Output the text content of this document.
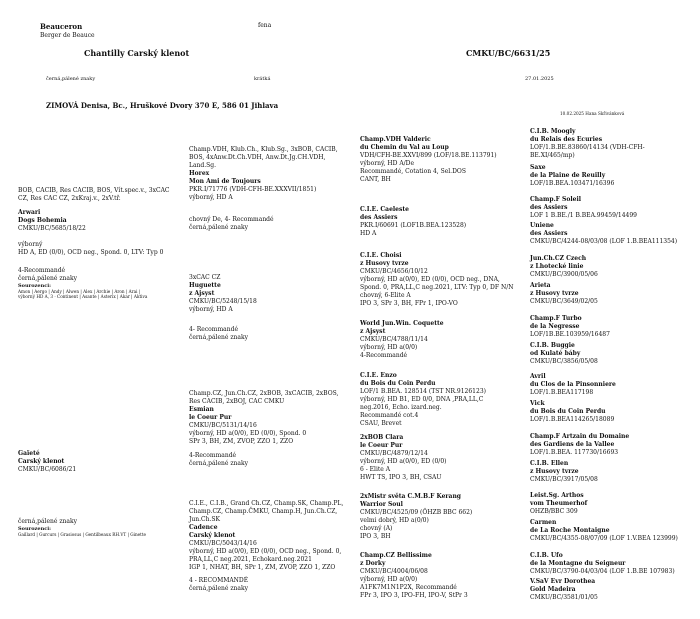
Beauceron
Berger de Beauce
fena
Chantilly Carský klenot	CMKU/BC/6631/25
černá,pálené znaky	krátká	27.01.2025
ZIMOVÁ Denisa, Bc., Hruškové Dvory 370 E, 586 01 Jihlava
10.02.2025 Hana Skřivánková
BOB, CACIB, Res CACIB, BOS, Vít.spec.v., 3xCAC CZ, Res CAC CZ, 2xKraj.v., 2xV.tř.
Arwari
Dogs Bohemia
CMKU/BC/5685/18/22
výborný
HD A, ED (0/0), OCD neg., Spond. 0, LTV: Typ 0
4-Recommandé
černá,pálené znaky
Sourozenci:
Amon | Aergo | Andy | Alwen | Alex | Archie | Aron | Arai |
výborný HD A, 3 · Continent | Asante | Asterix | Akar | Aktiva
Gaïeté
Carský klenot
CMKU/BC/6086/21
černá,pálené znaky
Sourozenci:
Gaillard | Gurcurs | Grasiosus | Gentilbeaux RH.VT | Ginette
Champ.VDH, Klub.Ch., Klub.Sg., 3xBOB, CACIB,
BOS, 4xAnw.Dt.Ch.VDH, Anw.Dt.Jg.CH.VDH,
Land.Sg.
Horex
Mon Ami de Toujours
PKR.I/71776 (VDH-CFH-BE.XXXVII/1851)
výborný, HD A
chovný De, 4- Recommandé
černá,pálené znaky
3xCAC CZ
Huguette
z Ajsyst
CMKU/BC/5248/15/18
výborný, HD A
4- Recommandé
černá,pálené znaky
Champ.CZ, Jun.Ch.CZ, 2xBOB, 3xCACIB, 2xBOS,
Res CACIB, 2xBOJ, CAC CMKU
Esmian
le Coeur Pur
CMKU/BC/5131/14/16
výborný, HD a(0/0), ED (0/0), Spond. 0
SPr 3, BH, ZM, ZVOP, ZZO 1, ZZO
4-Recommandé
černá,pálené znaky
C.I.E., C.I.B., Grand Ch.CZ, Champ.SK, Champ.PL,
Champ.CZ, Champ.ČMKU, Champ.H, Jun.Ch.CZ,
Jun.Ch.SK
Cadence
Carský klenot
CMKU/BC/5043/14/16
výborný, HD a(0/0), ED (0/0), OCD neg., Spond. 0,
PRA,LL,C neg.2021, Echokard.neg.2021
IGP 1, NHAT, BH, SPr 1, ZM, ZVOP, ZZO 1, ZZO
4 - RECOMMANDÉ
černá,pálené znaky
Champ.VDH Valderic
du Chemin du Val au Loup
VDH/CFH-BE.XXVI/899 (LOF/18.BE.113791)
výborný, HD A/De
Recommandé, Cotation 4, Sel.DOS
CANT, BH
C.I.E. Caeleste
des Assiers
PKR.I/60691 (LOF1B.BEA.123528)
HD A
C.I.E. Choisi
z Husovy tvrze
CMKU/BC/4656/10/12
výborný, HD a(0/0), ED (0/0), OCD neg., DNA,
Spond. 0, PRA,LL,C neg.2021, LTV: Typ 0, DF N/N
chovný, 6-Elite A
IPO 3, SPr 3, BH, FPr 1, IPO-VO
World Jun.Win. Coquette
z Ajsyst
CMKU/BC/4788/11/14
výborný, HD a(0/0)
4-Recommandé
C.I.E. Enzo
du Bois du Coin Perdu
LOF/1 B.BEA. 128514 (TST NR.9126123)
výborný, HD B1, ED 0/0, DNA ,PRA,LL,C
neg.2016, Echo. izard.neg.
Recommandé cot.4
CSAU, Brevet
2xBOB Clara
le Coeur Pur
CMKU/BC/4879/12/14
výborný, HD a(0/0), ED (0/0)
6 - Elite A
HWT TS, IPO 3, BH, CSAU
2xMistr světa C.M.B.F Kerang
Warrior Soul
CMKU/BC/4525/09 (ÖHZB BBC 662)
velmi dobrý, HD a(0/0)
chovný (A)
IPO 3, BH
Champ.CZ Bellissime
z Dorky
CMKU/BC/4004/06/08
výborný, HD a(0/0)
A1FK7M1N1P2X, Recommandé
FPr 3, IPO 3, IPO-FH, IPO-V, StPr 3
C.I.B. Moogly
du Relais des Ecuries
LOF/1.B.BE.83860/14134 (VDH-CFH-
BE.XI/465/mp)
Saxe
de la Plaine de Reuilly
LOF/1B.BEA.103471/16396
Champ.F Soleil
des Assiers
LOF 1 B.BE./1 B.BEA.99459/14499
Uniene
des Assiers
CMKU/BC/4244-08/03/08 (LOF 1.B.BEA111354)
Jun.Ch.CZ Czech
z Lhotecké linie
CMKU/BC/3900/05/06
Arieta
z Husovy tvrze
CMKU/BC/3649/02/05
Champ.F Turbo
de la Negresse
LOF/1B.BE.103959/16487
C.I.B. Buggie
od Kulaté báby
CMKU/BC/3856/05/08
Avril
du Clos de la Pinsonniere
LOF/1.B.BEA117198
Vick
du Bois du Coin Perdu
LOF/1.B.BEA114265/18089
Champ.F Artzain du Domaine
des Gardiens de la Vallee
LOF/1.B.BEA. 117730/16693
C.I.B. Ellen
z Husovy tvrze
CMKU/BC/3917/05/08
Leist.Sg. Arthos
vom Theumerhof
OHZB/BBC 309
Carmen
de La Roche Montaigne
CMKU/BC/4355-08/07/09 (LOF 1.V.BEA 123999)
C.I.B. Ufo
de la Montagne du Seigneur
CMKU/BC/3790-04/03/04 (LOF 1.B.BE 107983)
V.SaV Evr Dorothea
Gold Madeira
CMKU/BC/3581/01/05
